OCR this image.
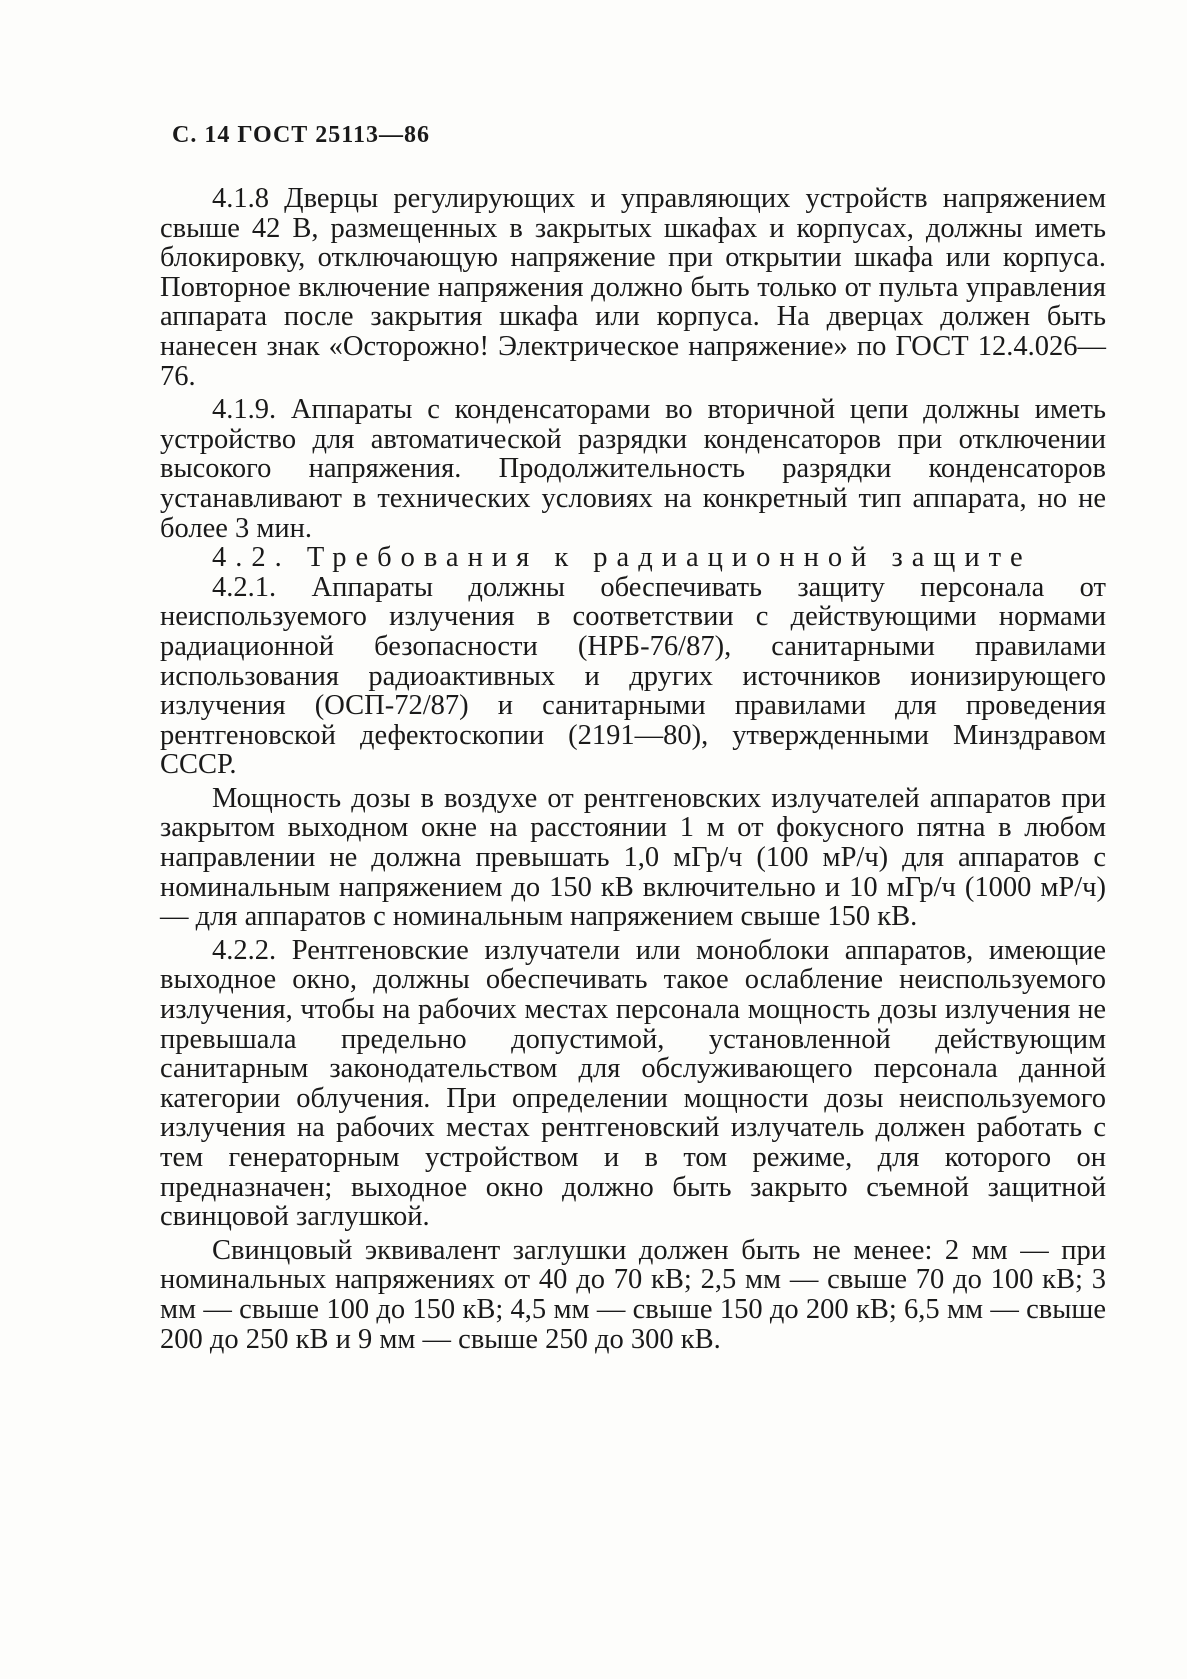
С. 14 ГОСТ 25113—86

4.1.8 Дверцы регулирующих и управляющих устройств напряжением свыше 42 В, размещенных в закрытых шкафах и корпусах, должны иметь блокировку, отключающую напряжение при открытии шкафа или корпуса. Повторное включение напряжения должно быть только от пульта управления аппарата после закрытия шкафа или корпуса. На дверцах должен быть нанесен знак «Осторожно! Электрическое напряжение» по ГОСТ 12.4.026—76.

4.1.9. Аппараты с конденсаторами во вторичной цепи должны иметь устройство для автоматической разрядки конденсаторов при отключении высокого напряжения. Продолжительность разрядки конденсаторов устанавливают в технических условиях на конкретный тип аппарата, но не более 3 мин.

4.2. Требования к радиационной защите

4.2.1. Аппараты должны обеспечивать защиту персонала от неиспользуемого излучения в соответствии с действующими нормами радиационной безопасности (НРБ-76/87), санитарными правилами использования радиоактивных и других источников ионизирующего излучения (ОСП-72/87) и санитарными правилами для проведения рентгеновской дефектоскопии (2191—80), утвержденными Минздравом СССР.

Мощность дозы в воздухе от рентгеновских излучателей аппаратов при закрытом выходном окне на расстоянии 1 м от фокусного пятна в любом направлении не должна превышать 1,0 мГр/ч (100 мР/ч) для аппаратов с номинальным напряжением до 150 кВ включительно и 10 мГр/ч (1000 мР/ч) — для аппаратов с номинальным напряжением свыше 150 кВ.

4.2.2. Рентгеновские излучатели или моноблоки аппаратов, имеющие выходное окно, должны обеспечивать такое ослабление неиспользуемого излучения, чтобы на рабочих местах персонала мощность дозы излучения не превышала предельно допустимой, установленной действующим санитарным законодательством для обслуживающего персонала данной категории облучения. При определении мощности дозы неиспользуемого излучения на рабочих местах рентгеновский излучатель должен работать с тем генераторным устройством и в том режиме, для которого он предназначен; выходное окно должно быть закрыто съемной защитной свинцовой заглушкой.

Свинцовый эквивалент заглушки должен быть не менее: 2 мм — при номинальных напряжениях от 40 до 70 кВ; 2,5 мм — свыше 70 до 100 кВ; 3 мм — свыше 100 до 150 кВ; 4,5 мм — свыше 150 до 200 кВ; 6,5 мм — свыше 200 до 250 кВ и 9 мм — свыше 250 до 300 кВ.
